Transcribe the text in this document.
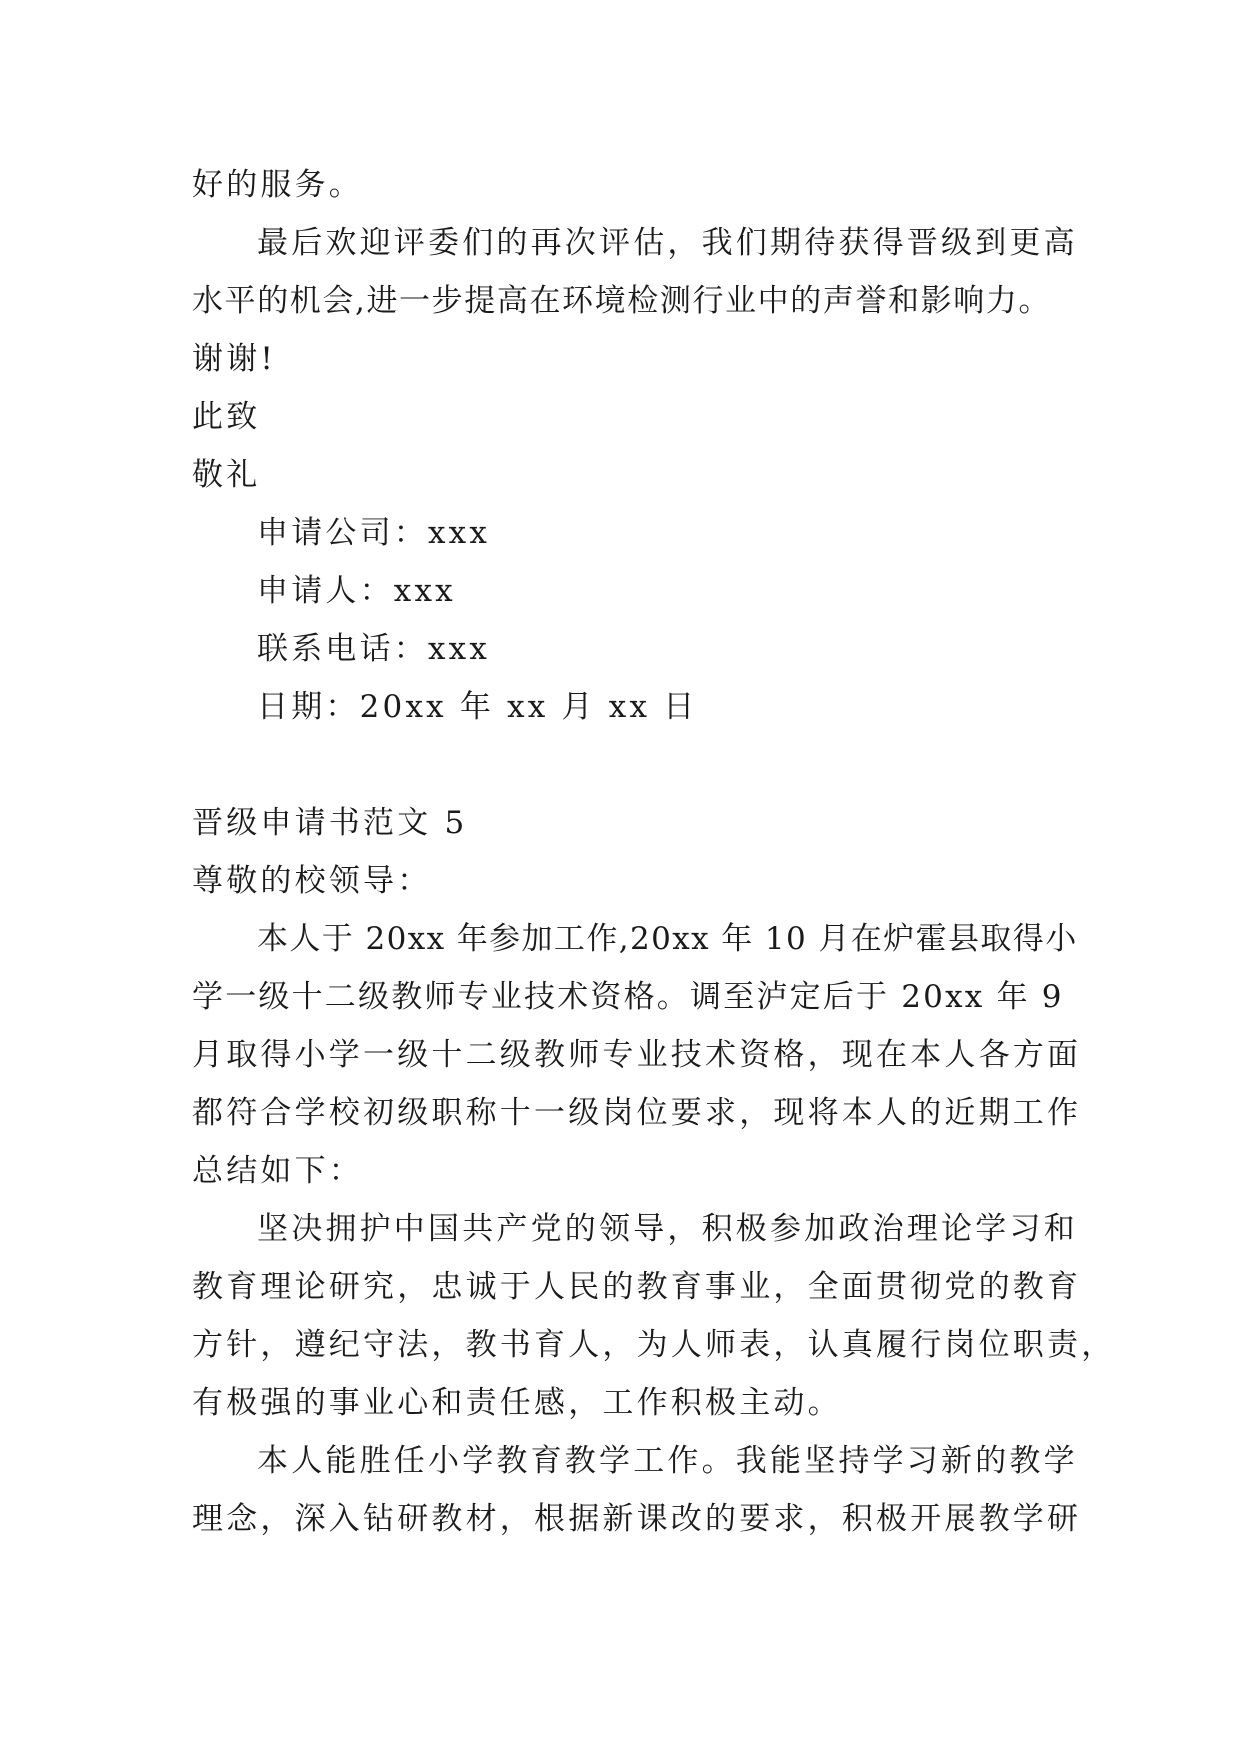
好的服务。
最后欢迎评委们的再次评估，我们期待获得晋级到更高
水平的机会,进一步提高在环境检测行业中的声誉和影响力。
谢谢!
此致
敬礼
申请公司：xxx
申请人：xxx
联系电话：xxx
日期：20xx 年 xx 月 xx 日
晋级申请书范文 5
尊敬的校领导：
本人于 20xx 年参加工作,20xx 年 10 月在炉霍县取得小
学一级十二级教师专业技术资格。调至泸定后于 20xx 年 9
月取得小学一级十二级教师专业技术资格，现在本人各方面
都符合学校初级职称十一级岗位要求，现将本人的近期工作
总结如下：
坚决拥护中国共产党的领导，积极参加政治理论学习和
教育理论研究，忠诚于人民的教育事业，全面贯彻党的教育
方针，遵纪守法，教书育人，为人师表，认真履行岗位职责，
有极强的事业心和责任感，工作积极主动。
本人能胜任小学教育教学工作。我能坚持学习新的教学
理念，深入钻研教材，根据新课改的要求，积极开展教学研
